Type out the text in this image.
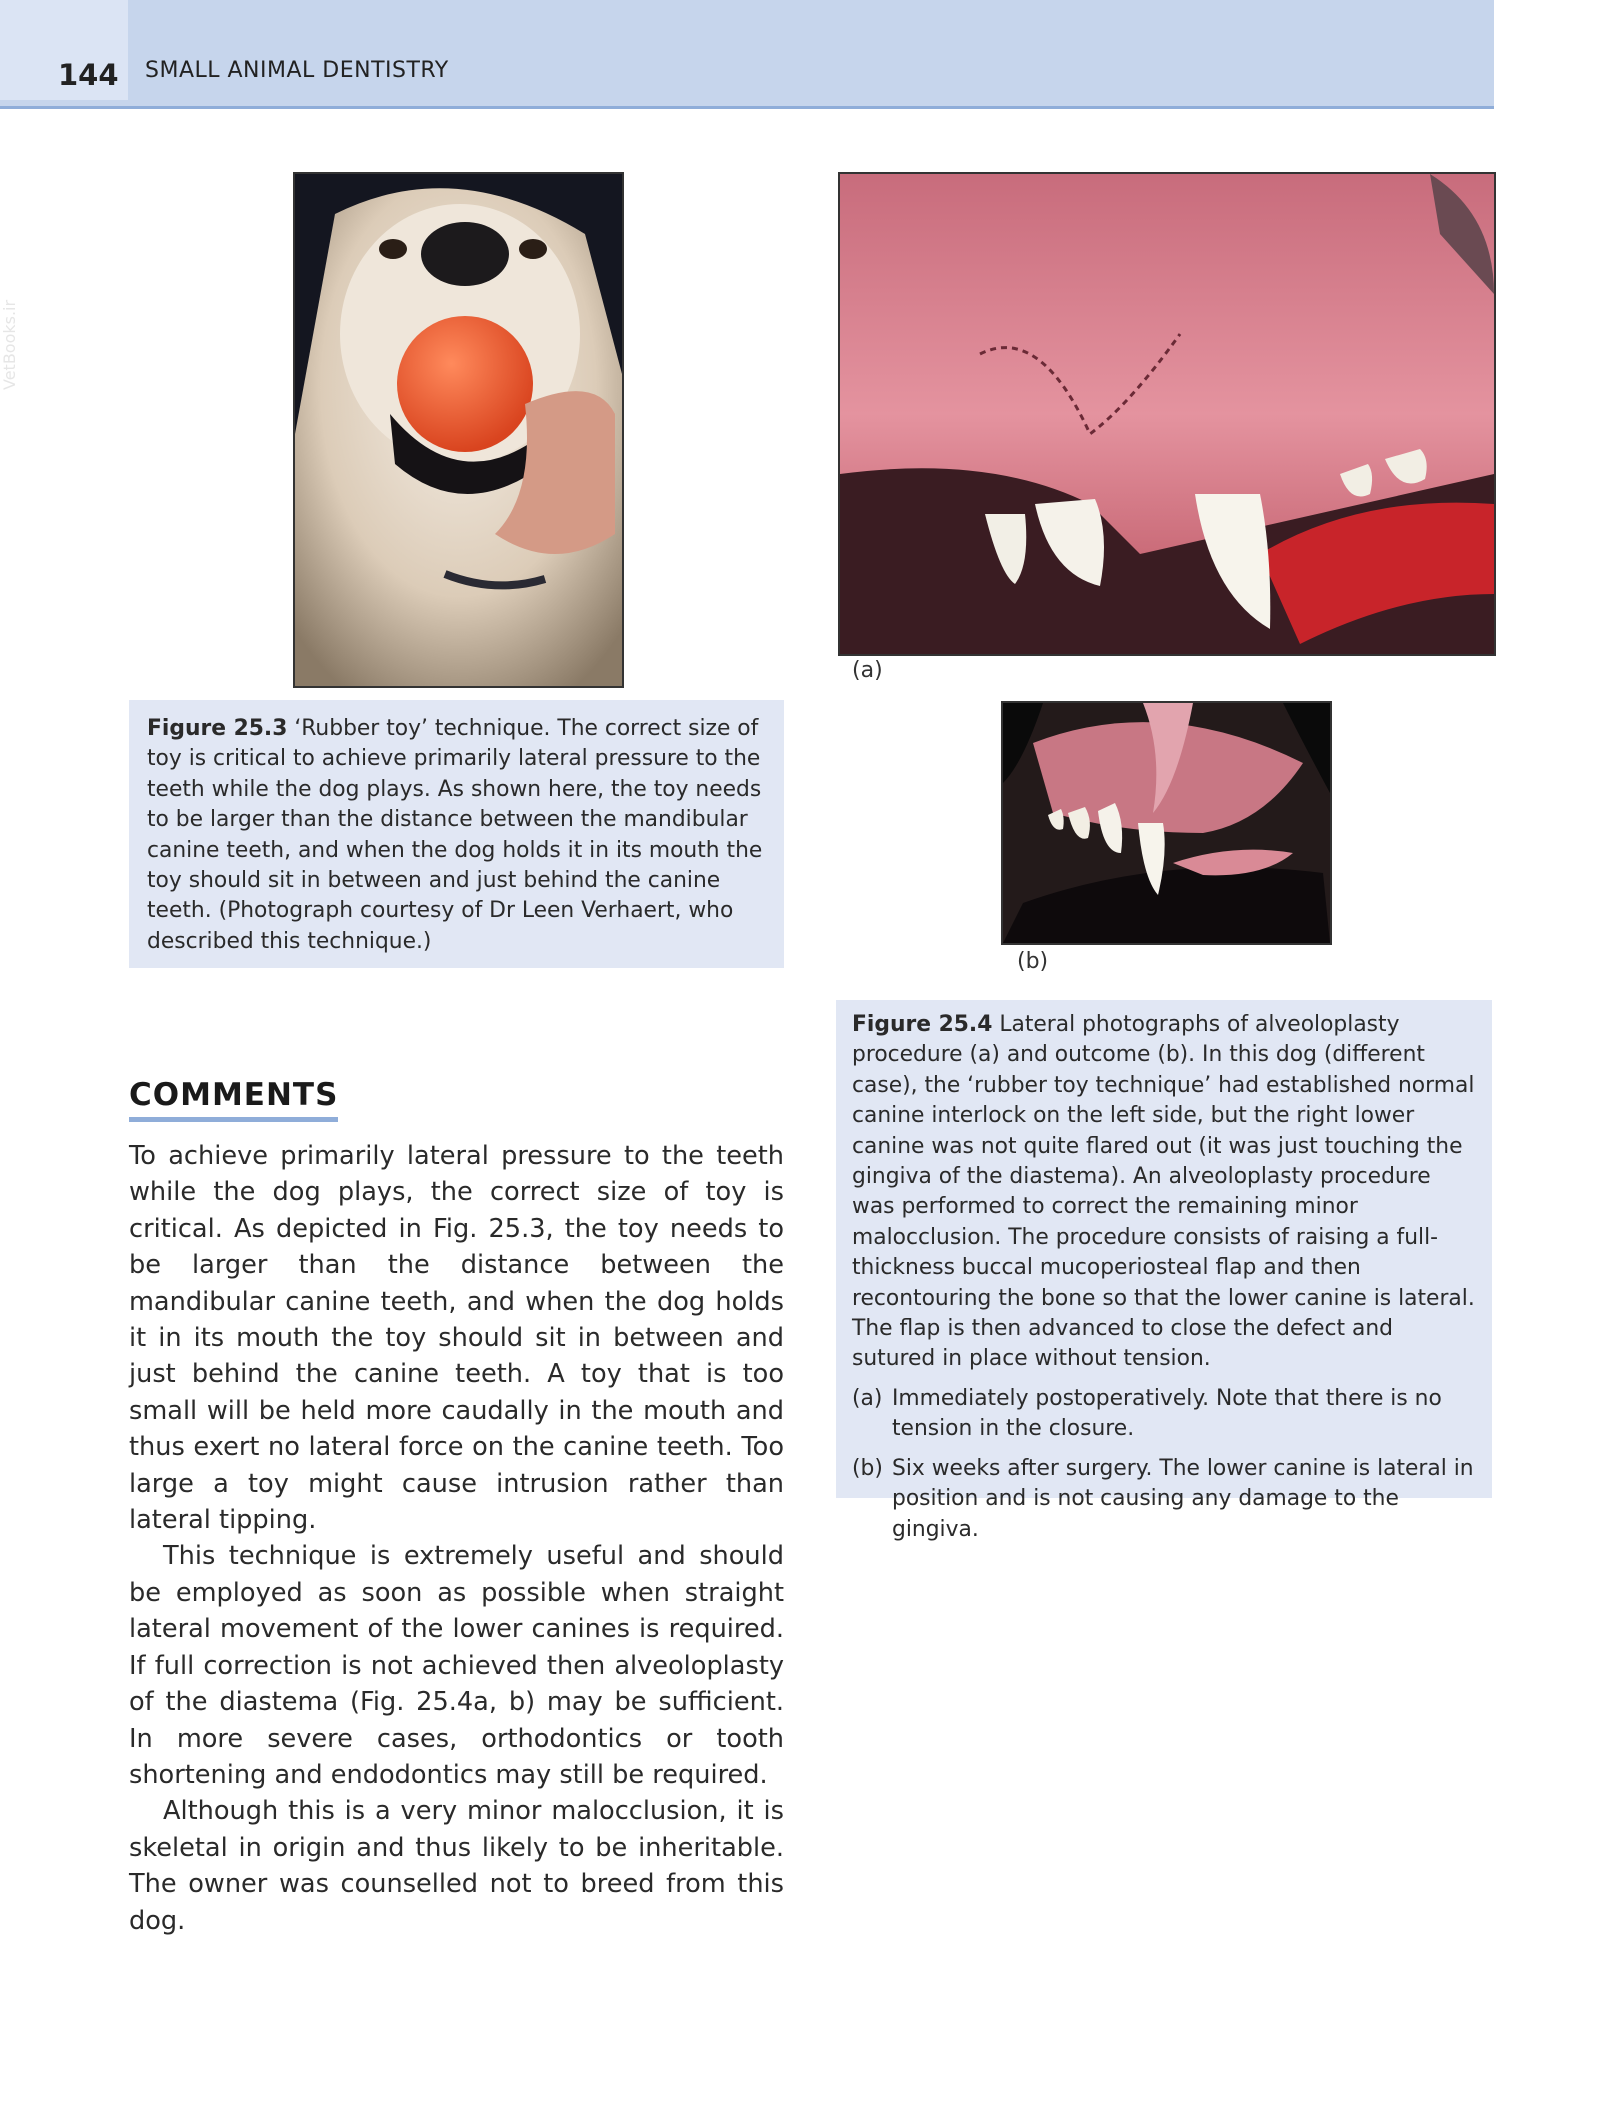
144 SMALL ANIMAL DENTISTRY
VetBooks.ir
(a)
(b)
Figure 25.3 ‘Rubber toy’ technique. The correct size of toy is critical to achieve primarily lateral pressure to the teeth while the dog plays. As shown here, the toy needs to be larger than the distance between the mandibular canine teeth, and when the dog holds it in its mouth the toy should sit in between and just behind the canine teeth. (Photograph courtesy of Dr Leen Verhaert, who described this technique.)
Figure 25.4 Lateral photographs of alveoloplasty procedure (a) and outcome (b). In this dog (different case), the ‘rubber toy technique’ had established normal canine interlock on the left side, but the right lower canine was not quite flared out (it was just touching the gingiva of the diastema). An alveoloplasty procedure was performed to correct the remaining minor malocclusion. The procedure consists of raising a full-thickness buccal mucoperiosteal flap and then recontouring the bone so that the lower canine is lateral. The flap is then advanced to close the defect and sutured in place without tension.
(a) Immediately postoperatively. Note that there is no tension in the closure.
(b) Six weeks after surgery. The lower canine is lateral in position and is not causing any damage to the gingiva.
COMMENTS

To achieve primarily lateral pressure to the teeth while the dog plays, the correct size of toy is critical. As depicted in Fig. 25.3, the toy needs to be larger than the distance between the mandibular canine teeth, and when the dog holds it in its mouth the toy should sit in between and just behind the canine teeth. A toy that is too small will be held more caudally in the mouth and thus exert no lateral force on the canine teeth. Too large a toy might cause intrusion rather than lateral tipping.

This technique is extremely useful and should be employed as soon as possible when straight lateral movement of the lower canines is required. If full correction is not achieved then alveoloplasty of the diastema (Fig. 25.4a, b) may be sufficient. In more severe cases, orthodontics or tooth shortening and endodontics may still be required.

Although this is a very minor malocclusion, it is skeletal in origin and thus likely to be inheritable. The owner was counselled not to breed from this dog.
